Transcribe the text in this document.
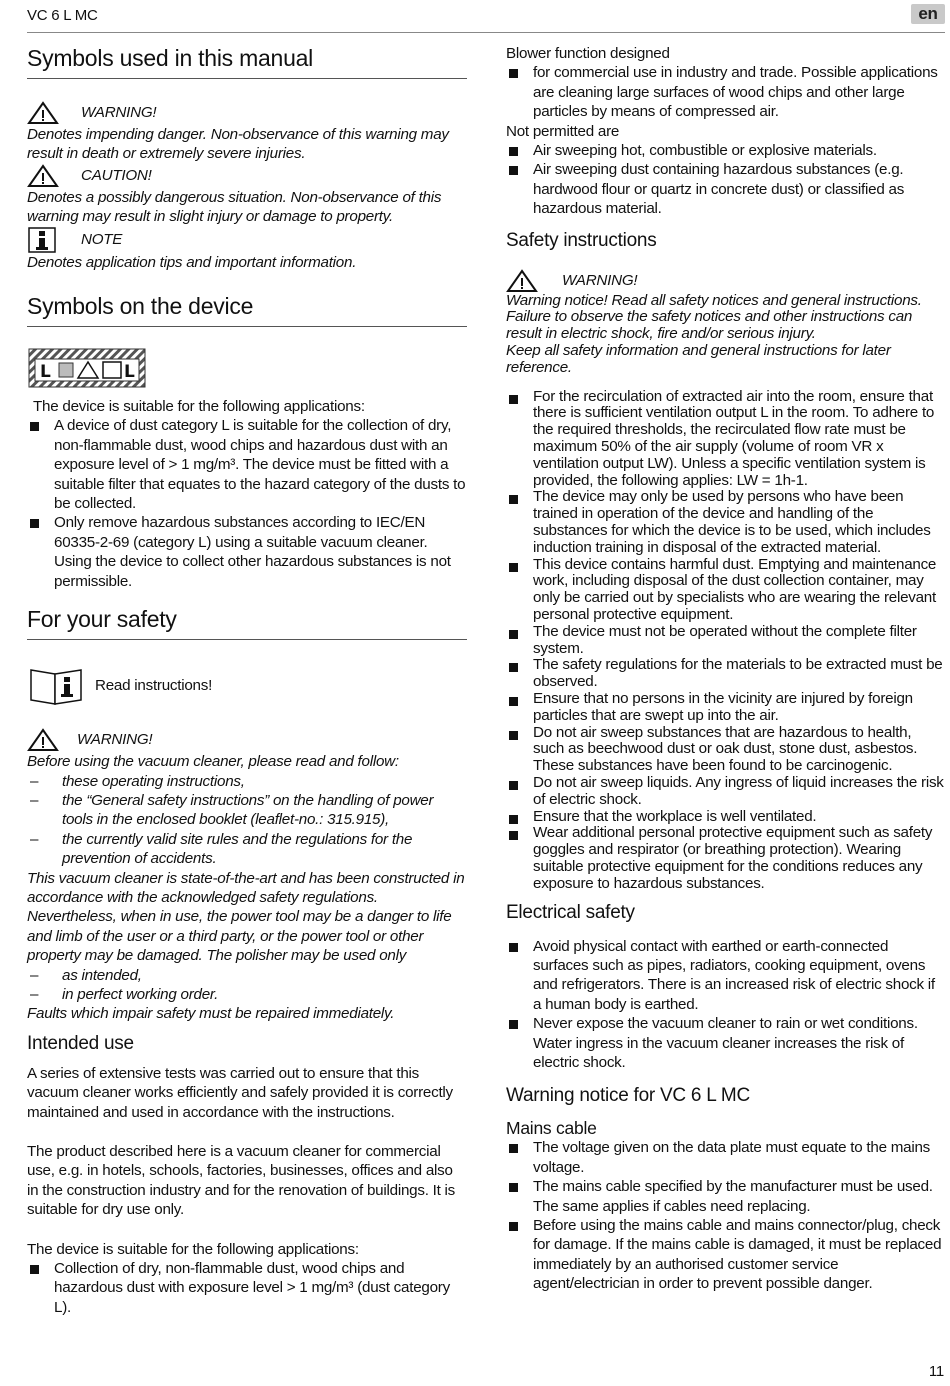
VC 6 L MC	en
Symbols used in this manual
WARNING!

Denotes impending danger. Non-observance of this warning may result in death or extremely severe injuries.

CAUTION!

Denotes a possibly dangerous situation. Non-observance of this warning may result in slight injury or damage to property.

NOTE

Denotes application tips and important information.

Symbols on the device
L	L

The device is suitable for the following applications:

A device of dust category L is suitable for the collection of dry, non-flammable dust, wood chips and hazardous dust with an exposure level of > 1 mg/m³. The device must be fitted with a suitable filter that equates to the hazard category of the dusts to be collected.
Only remove hazardous substances according to IEC/EN 60335-2-69 (category L) using a suitable vacuum cleaner. Using the device to collect other hazardous substances is not permissible.
For your safety
Read instructions!
WARNING!

Before using the vacuum cleaner, please read and follow:

– these operating instructions,
– the “General safety instructions” on the handling of power tools in the enclosed booklet (leaflet-no.: 315.915),
– the currently valid site rules and the regulations for the prevention of accidents.

This vacuum cleaner is state-of-the-art and has been constructed in accordance with the acknowledged safety regulations. Nevertheless, when in use, the power tool may be a danger to life and limb of the user or a third party, or the power tool or other property may be damaged. The polisher may be used only

– as intended,
– in perfect working order.

Faults which impair safety must be repaired immediately.

Intended use

A series of extensive tests was carried out to ensure that this vacuum cleaner works efficiently and safely provided it is correctly maintained and used in accordance with the instructions.

The product described here is a vacuum cleaner for commercial use, e.g. in hotels, schools, factories, businesses, offices and also in the construction industry and for the renovation of buildings. It is suitable for dry use only.

The device is suitable for the following applications:

Collection of dry, non-flammable dust, wood chips and hazardous dust with exposure level > 1 mg/m³ (dust category L).

Blower function designed

for commercial use in industry and trade. Possible applications are cleaning large surfaces of wood chips and other large particles by means of compressed air.

Not permitted are

Air sweeping hot, combustible or explosive materials.
Air sweeping dust containing hazardous substances (e.g. hardwood flour or quartz in concrete dust) or classified as hazardous material.
Safety instructions
WARNING!

Warning notice! Read all safety notices and general instructions. Failure to observe the safety notices and other instructions can result in electric shock, fire and/or serious injury.

Keep all safety information and general instructions for later reference.

For the recirculation of extracted air into the room, ensure that there is sufficient ventilation output L in the room. To adhere to the required thresholds, the recirculated flow rate must be maximum 50% of the air supply (volume of room VR x ventilation output LW). Unless a specific ventilation system is provided, the following applies: LW = 1h-1.
The device may only be used by persons who have been trained in operation of the device and handling of the substances for which the device is to be used, which includes induction training in disposal of the extracted material.
This device contains harmful dust. Emptying and maintenance work, including disposal of the dust collection container, may only be carried out by specialists who are wearing the relevant personal protective equipment.
The device must not be operated without the complete filter system.
The safety regulations for the materials to be extracted must be observed.
Ensure that no persons in the vicinity are injured by foreign particles that are swept up into the air.
Do not air sweep substances that are hazardous to health, such as beechwood dust or oak dust, stone dust, asbestos. These substances have been found to be carcinogenic.
Do not air sweep liquids. Any ingress of liquid increases the risk of electric shock.
Ensure that the workplace is well ventilated.
Wear additional personal protective equipment such as safety goggles and respirator (or breathing protection). Wearing suitable protective equipment for the conditions reduces any exposure to hazardous substances.
Electrical safety
Avoid physical contact with earthed or earth-connected surfaces such as pipes, radiators, cooking equipment, ovens and refrigerators. There is an increased risk of electric shock if a human body is earthed.
Never expose the vacuum cleaner to rain or wet conditions. Water ingress in the vacuum cleaner increases the risk of electric shock.
Warning notice for VC 6 L MC

Mains cable

The voltage given on the data plate must equate to the mains voltage.
The mains cable specified by the manufacturer must be used. The same applies if cables need replacing.
Before using the mains cable and mains connector/plug, check for damage. If the mains cable is damaged, it must be replaced immediately by an authorised customer service agent/electrician in order to prevent possible danger.
11
